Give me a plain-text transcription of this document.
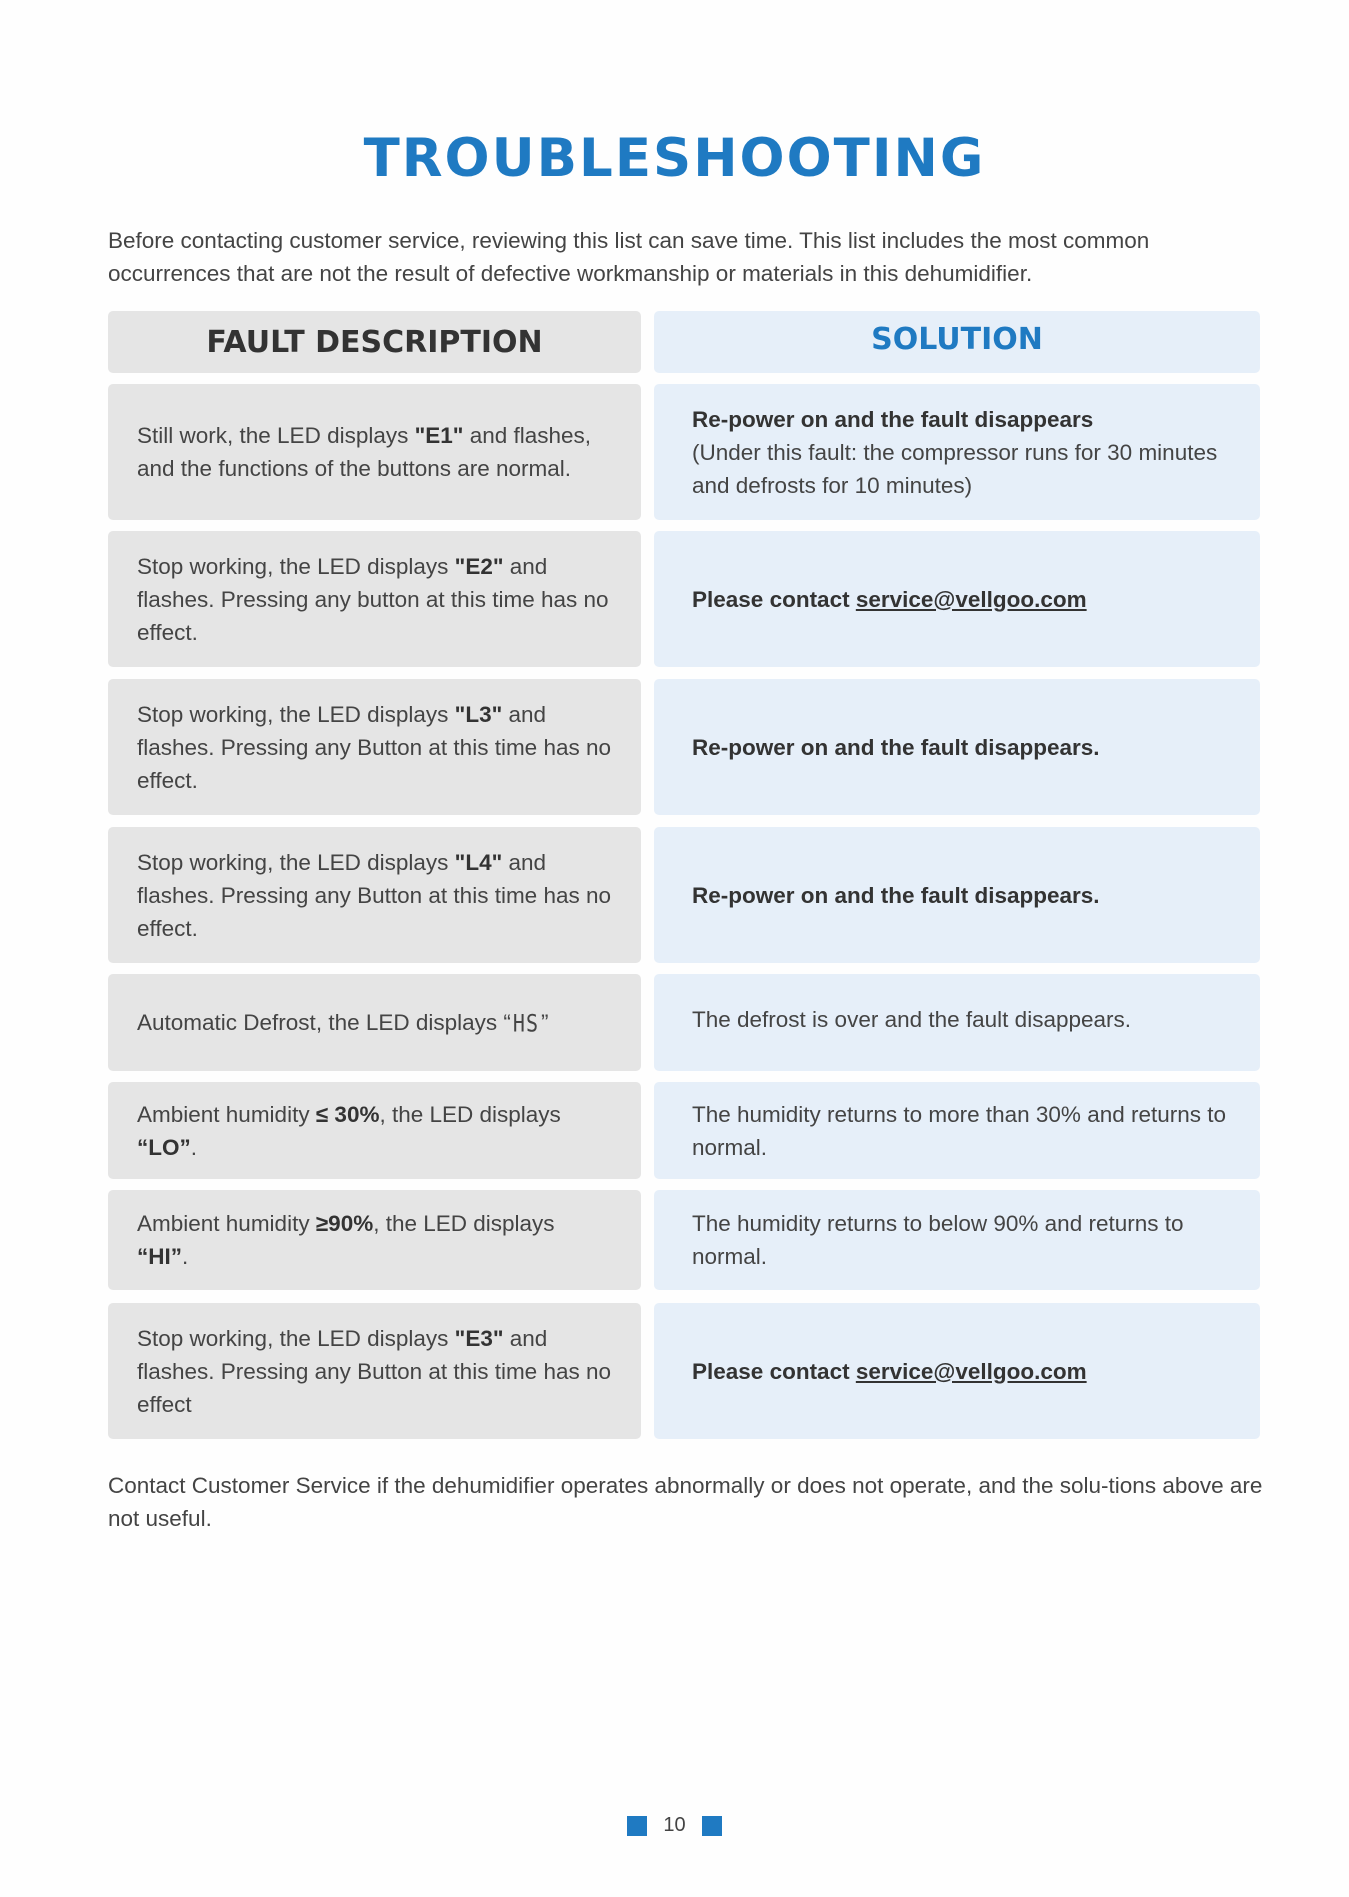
TROUBLESHOOTING
Before contacting customer service, reviewing this list can save time. This list includes the most common occurrences that are not the result of defective workmanship or materials in this dehumidifier.
FAULT DESCRIPTION	SOLUTION
Still work, the LED displays "E1" and flashes, and the functions of the buttons are normal.
Re-power on and the fault disappears
(Under this fault: the compressor runs for 30 minutes and defrosts for 10 minutes)
Stop working, the LED displays "E2" and flashes. Pressing any button at this time has no effect.
Please contact service@vellgoo.com
Stop working, the LED displays "L3" and flashes. Pressing any Button at this time has no effect.
Re-power on and the fault disappears.
Stop working, the LED displays "L4" and flashes. Pressing any Button at this time has no effect.
Re-power on and the fault disappears.
Automatic Defrost, the LED displays “ HS”	The defrost is over and the fault disappears.
Ambient humidity ≤ 30%, the LED displays
“LO”.
The humidity returns to more than 30% and returns to normal.
Ambient humidity ≥90%, the LED displays
“HI”.
The humidity returns to below 90% and returns to normal.
Stop working, the LED displays "E3" and flashes. Pressing any Button at this time has no effect
Please contact service@vellgoo.com
Contact Customer Service if the dehumidifier operates abnormally or does not operate, and the solu-tions above are not useful.
10
